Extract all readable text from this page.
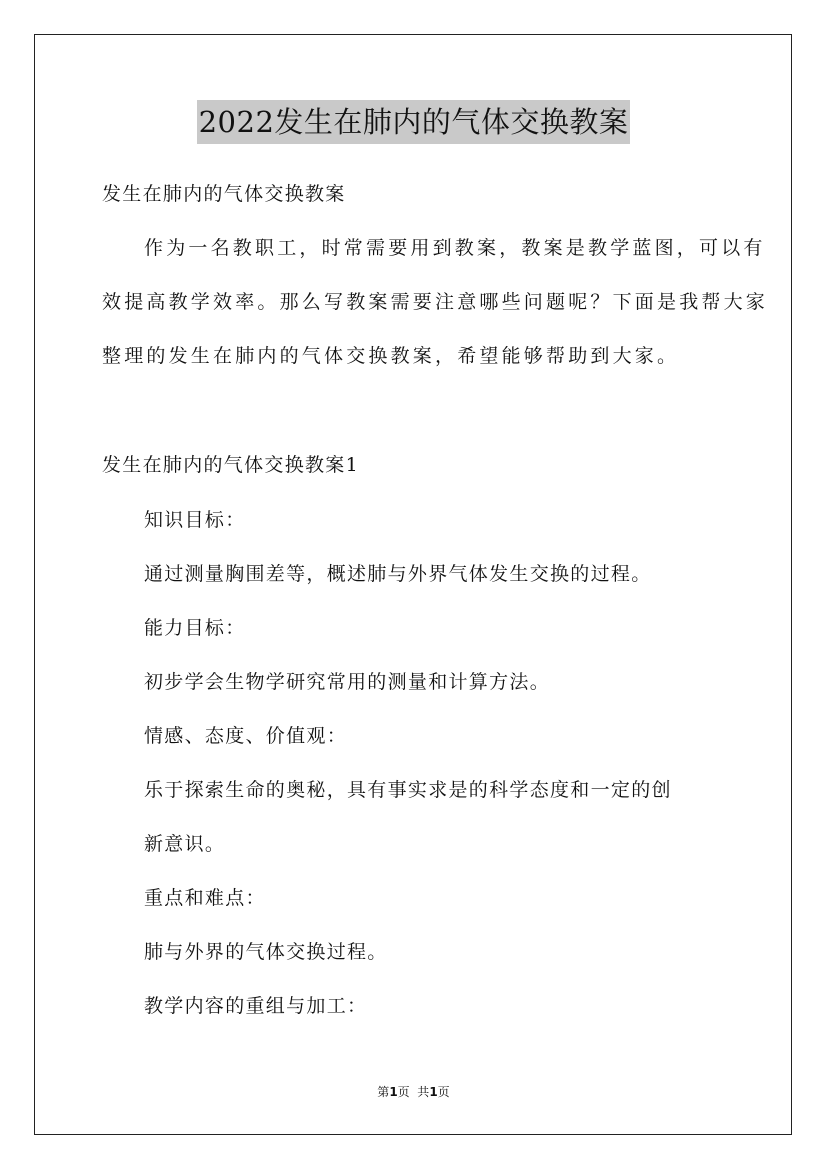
2022发生在肺内的气体交换教案
发生在肺内的气体交换教案
作为一名教职工，时常需要用到教案，教案是教学蓝图，可以有
效提高教学效率。那么写教案需要注意哪些问题呢？下面是我帮大家
整理的发生在肺内的气体交换教案，希望能够帮助到大家。
发生在肺内的气体交换教案1
知识目标：
通过测量胸围差等，概述肺与外界气体发生交换的过程。
能力目标：
初步学会生物学研究常用的测量和计算方法。
情感、态度、价值观：
乐于探索生命的奥秘，具有事实求是的科学态度和一定的创
新意识。
重点和难点：
肺与外界的气体交换过程。
教学内容的重组与加工：
第1页  共1页
